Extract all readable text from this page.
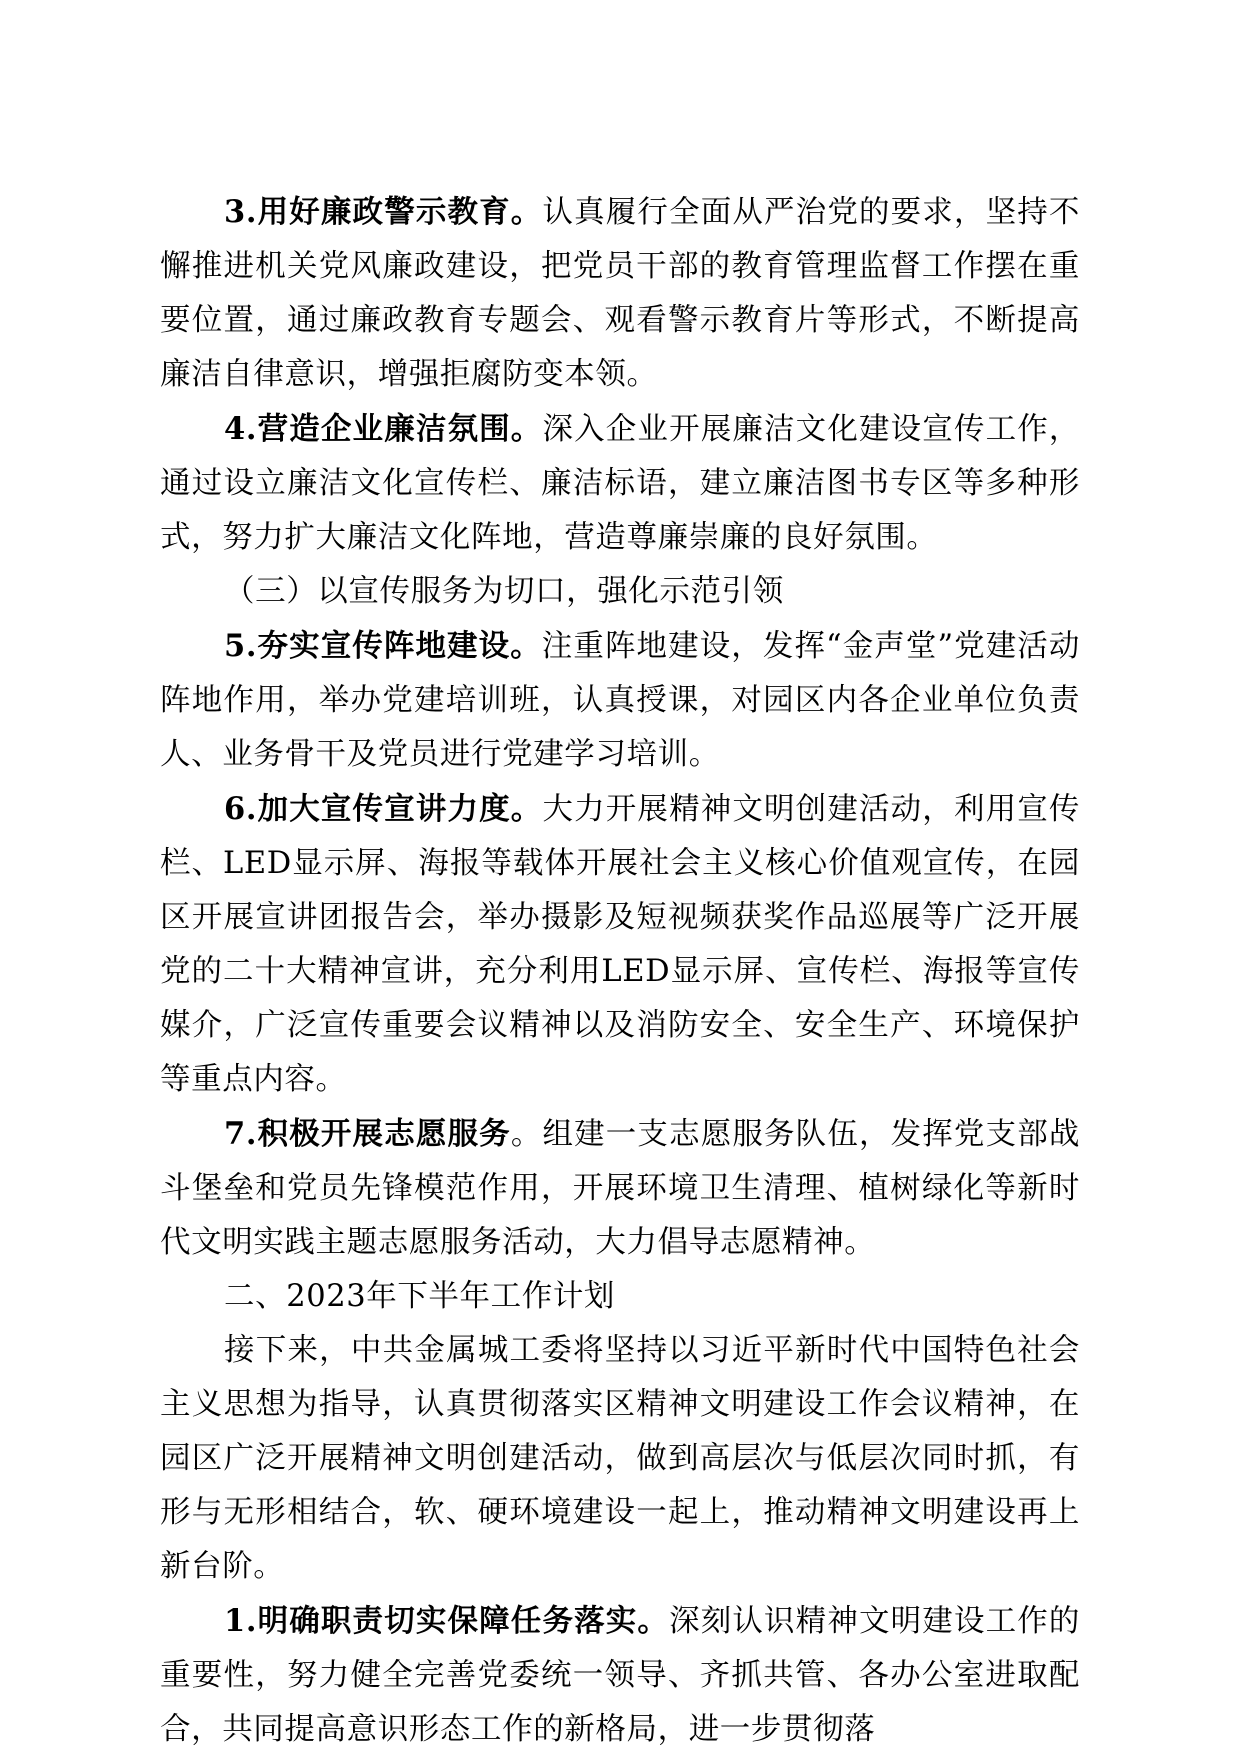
3.用好廉政警示教育。认真履行全面从严治党的要求，坚持不懈推进机关党风廉政建设，把党员干部的教育管理监督工作摆在重要位置，通过廉政教育专题会、观看警示教育片等形式，不断提高廉洁自律意识，增强拒腐防变本领。

4.营造企业廉洁氛围。深入企业开展廉洁文化建设宣传工作，通过设立廉洁文化宣传栏、廉洁标语，建立廉洁图书专区等多种形式，努力扩大廉洁文化阵地，营造尊廉崇廉的良好氛围。

（三）以宣传服务为切口，强化示范引领

5.夯实宣传阵地建设。注重阵地建设，发挥“金声堂”党建活动阵地作用，举办党建培训班，认真授课，对园区内各企业单位负责人、业务骨干及党员进行党建学习培训。

6.加大宣传宣讲力度。大力开展精神文明创建活动，利用宣传栏、LED显示屏、海报等载体开展社会主义核心价值观宣传，在园区开展宣讲团报告会，举办摄影及短视频获奖作品巡展等广泛开展党的二十大精神宣讲，充分利用LED显示屏、宣传栏、海报等宣传媒介，广泛宣传重要会议精神以及消防安全、安全生产、环境保护等重点内容。

7.积极开展志愿服务。组建一支志愿服务队伍，发挥党支部战斗堡垒和党员先锋模范作用，开展环境卫生清理、植树绿化等新时代文明实践主题志愿服务活动，大力倡导志愿精神。

二、2023年下半年工作计划

接下来，中共金属城工委将坚持以习近平新时代中国特色社会主义思想为指导，认真贯彻落实区精神文明建设工作会议精神，在园区广泛开展精神文明创建活动，做到高层次与低层次同时抓，有形与无形相结合，软、硬环境建设一起上，推动精神文明建设再上新台阶。

1.明确职责切实保障任务落实。深刻认识精神文明建设工作的重要性，努力健全完善党委统一领导、齐抓共管、各办公室进取配合，共同提高意识形态工作的新格局，进一步贯彻落
